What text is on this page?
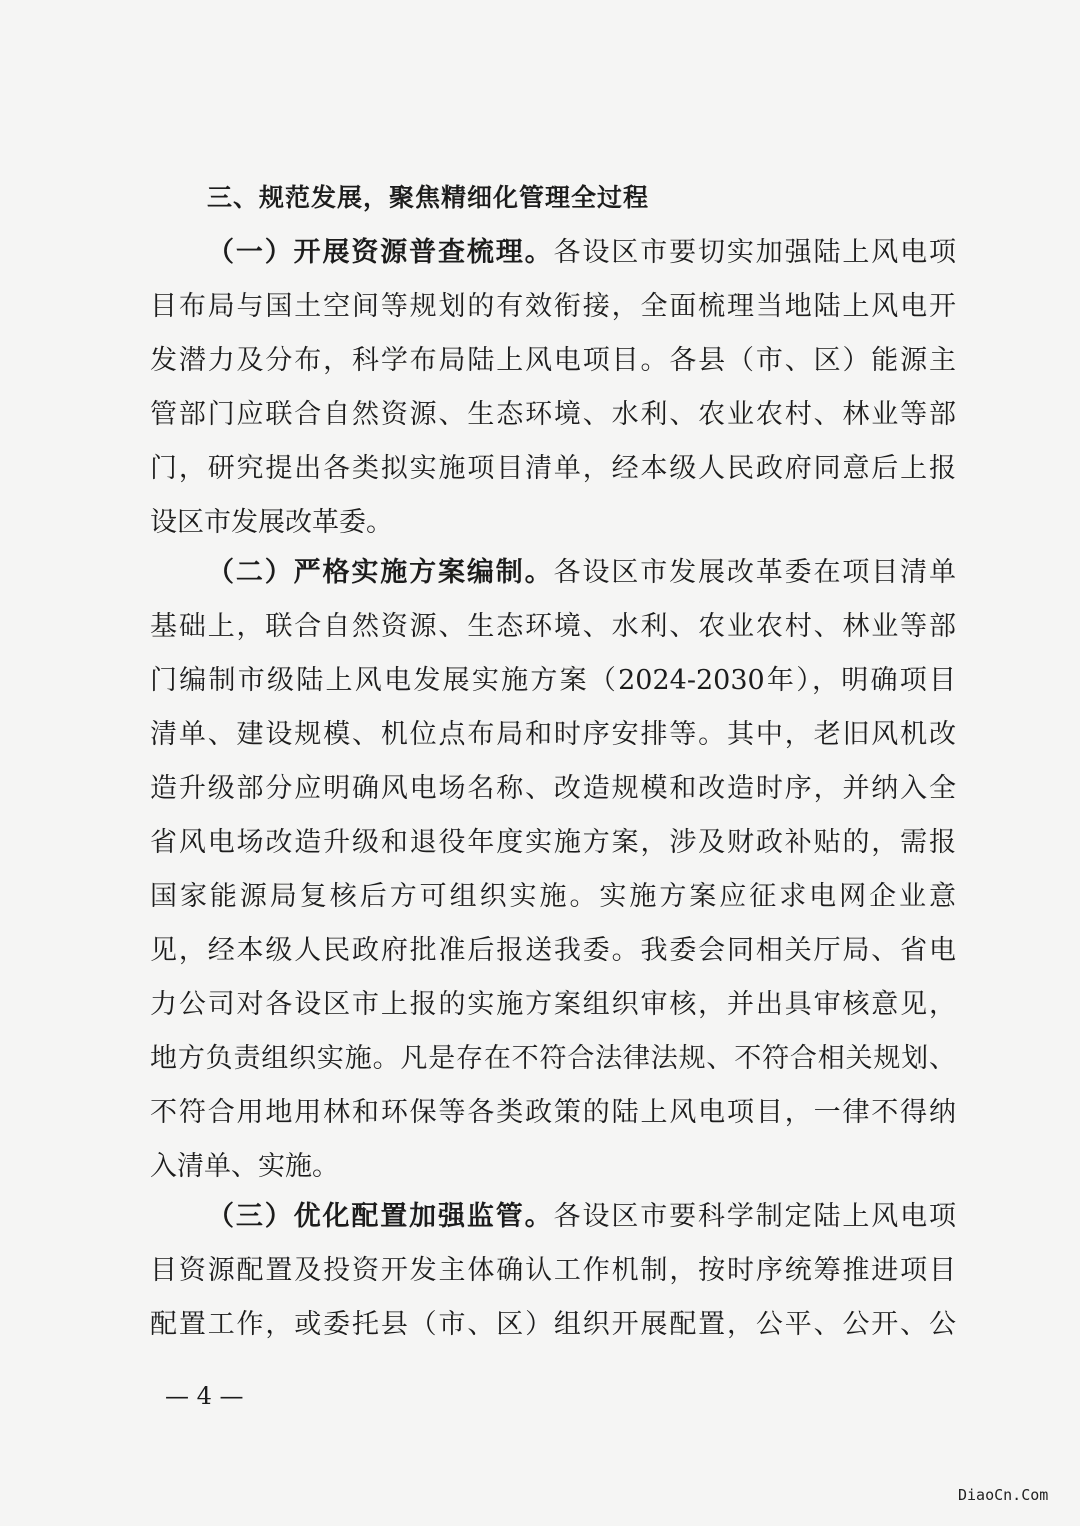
三、规范发展，聚焦精细化管理全过程
（一）开展资源普查梳理。各设区市要切实加强陆上风电项
目布局与国土空间等规划的有效衔接，全面梳理当地陆上风电开
发潜力及分布，科学布局陆上风电项目。各县（市、区）能源主
管部门应联合自然资源、生态环境、水利、农业农村、林业等部
门，研究提出各类拟实施项目清单，经本级人民政府同意后上报
设区市发展改革委。
（二）严格实施方案编制。各设区市发展改革委在项目清单
基础上，联合自然资源、生态环境、水利、农业农村、林业等部
门编制市级陆上风电发展实施方案（2024-2030年），明确项目
清单、建设规模、机位点布局和时序安排等。其中，老旧风机改
造升级部分应明确风电场名称、改造规模和改造时序，并纳入全
省风电场改造升级和退役年度实施方案，涉及财政补贴的，需报
国家能源局复核后方可组织实施。实施方案应征求电网企业意
见，经本级人民政府批准后报送我委。我委会同相关厅局、省电
力公司对各设区市上报的实施方案组织审核，并出具审核意见，
地方负责组织实施。凡是存在不符合法律法规、不符合相关规划、
不符合用地用林和环保等各类政策的陆上风电项目，一律不得纳
入清单、实施。
（三）优化配置加强监管。各设区市要科学制定陆上风电项
目资源配置及投资开发主体确认工作机制，按时序统筹推进项目
配置工作，或委托县（市、区）组织开展配置，公平、公开、公
— 4 —
DiaoCn.Com
